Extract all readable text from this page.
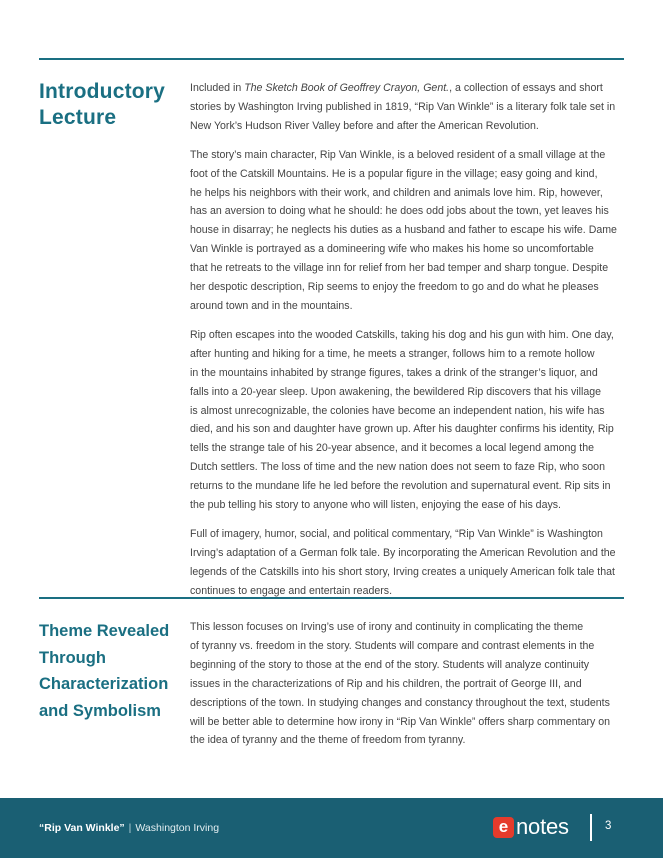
Introductory
Lecture

Included in The Sketch Book of Geoffrey Crayon, Gent., a collection of essays and short
stories by Washington Irving published in 1819, “Rip Van Winkle” is a literary folk tale set in
New York’s Hudson River Valley before and after the American Revolution.

The story’s main character, Rip Van Winkle, is a beloved resident of a small village at the
foot of the Catskill Mountains. He is a popular figure in the village; easy going and kind,
he helps his neighbors with their work, and children and animals love him. Rip, however,
has an aversion to doing what he should: he does odd jobs about the town, yet leaves his
house in disarray; he neglects his duties as a husband and father to escape his wife. Dame
Van Winkle is portrayed as a domineering wife who makes his home so uncomfortable
that he retreats to the village inn for relief from her bad temper and sharp tongue. Despite
her despotic description, Rip seems to enjoy the freedom to go and do what he pleases
around town and in the mountains.

Rip often escapes into the wooded Catskills, taking his dog and his gun with him. One day,
after hunting and hiking for a time, he meets a stranger, follows him to a remote hollow
in the mountains inhabited by strange figures, takes a drink of the stranger’s liquor, and
falls into a 20-year sleep. Upon awakening, the bewildered Rip discovers that his village
is almost unrecognizable, the colonies have become an independent nation, his wife has
died, and his son and daughter have grown up. After his daughter confirms his identity, Rip
tells the strange tale of his 20-year absence, and it becomes a local legend among the
Dutch settlers. The loss of time and the new nation does not seem to faze Rip, who soon
returns to the mundane life he led before the revolution and supernatural event. Rip sits in
the pub telling his story to anyone who will listen, enjoying the ease of his days.

Full of imagery, humor, social, and political commentary, “Rip Van Winkle” is Washington
Irving’s adaptation of a German folk tale. By incorporating the American Revolution and the
legends of the Catskills into his short story, Irving creates a uniquely American folk tale that
continues to engage and entertain readers.

Theme Revealed
Through
Characterization
and Symbolism

This lesson focuses on Irving’s use of irony and continuity in complicating the theme
of tyranny vs. freedom in the story. Students will compare and contrast elements in the
beginning of the story to those at the end of the story. Students will analyze continuity
issues in the characterizations of Rip and his children, the portrait of George III, and
descriptions of the town. In studying changes and constancy throughout the text, students
will be better able to determine how irony in “Rip Van Winkle” offers sharp commentary on
the idea of tyranny and the theme of freedom from tyranny.

“Rip Van Winkle” | Washington Irving	e notes	3
